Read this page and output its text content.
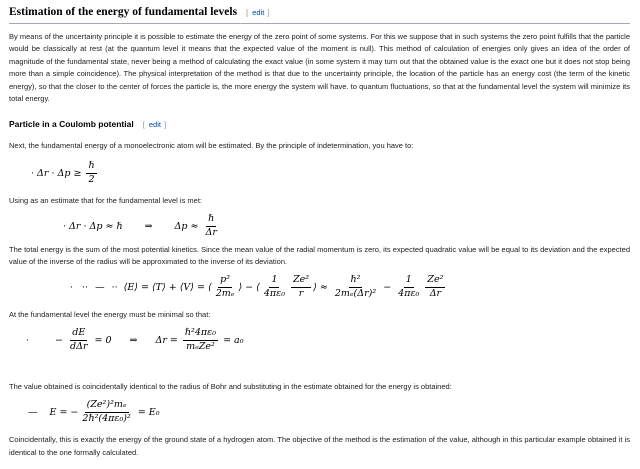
Estimation of the energy of fundamental levels [ edit ]

By means of the uncertainty principle it is possible to estimate the energy of the zero point of some systems. For this we suppose that in such systems the zero point fulfills that the particle would be classically at rest (at the quantum level it means that the expected value of the moment is null). This method of calculation of energies only gives an idea of the order of magnitude of the fundamental state, never being a method of calculating the exact value (in some system it may turn out that the obtained value is the exact one but it does not stop being more than a simple coincidence). The physical interpretation of the method is that due to the uncertainty principle, the location of the particle has an energy cost (the term of the kinetic energy), so that the closer to the center of forces the particle is, the more energy the system will have. to quantum fluctuations, so that at the fundamental level the system will minimize its total energy.

Particle in a Coulomb potential [ edit ]

Next, the fundamental energy of a monoelectronic atom will be estimated. By the principle of indetermination, you have to:

· $\Delta r \cdot \Delta p \ge \frac{\text{ℏ}}{2}$

Using as an estimate that for the fundamental level is met:

· Δr · Δp ≈ ℏ ⇒ $\Delta p \approx \frac{\text{ℏ}}{\Delta r}$

The total energy is the sum of the most potential kinetics. Since the mean value of the radial momentum is zero, its expected quadratic value will be equal to its deviation and the expected value of the inverse of the radius will be approximated to the inverse of its deviation.

· ·· — ·· ⟨E⟩ = ⟨T⟩ + ⟨V⟩ = ⟨ $\frac{\text{p²}}{\text{2mₑ}}$ ⟩ − ⟨ $\frac{1}{\text{4πε₀}} \frac{\text{Ze²}}{r}$ ⟩ ≈ $\frac{\text{ℏ²}}{\text{2mₑ(Δr)²}} - \frac{1}{\text{4πε₀}} \frac{\text{Ze²}}{\Delta r}$

At the fundamental level the energy must be minimal so that:

·	− $\frac{dE}{\text{dΔr}} = 0$ ⇒ $\Delta r = \frac{\text{ℏ²4πε₀}}{\text{mₑZe²}} = a_0$

The value obtained is coincidentally identical to the radius of Bohr and substituting in the estimate obtained for the energy is obtained:

— E = − $\frac{\text{(Ze²)²mₑ}}{\text{2ℏ²(4πε₀)²}} = E_0$

Coincidentally, this is exactly the energy of the ground state of a hydrogen atom. The objective of the method is the estimation of the value, although in this particular example obtained it is identical to the one formally calculated.
